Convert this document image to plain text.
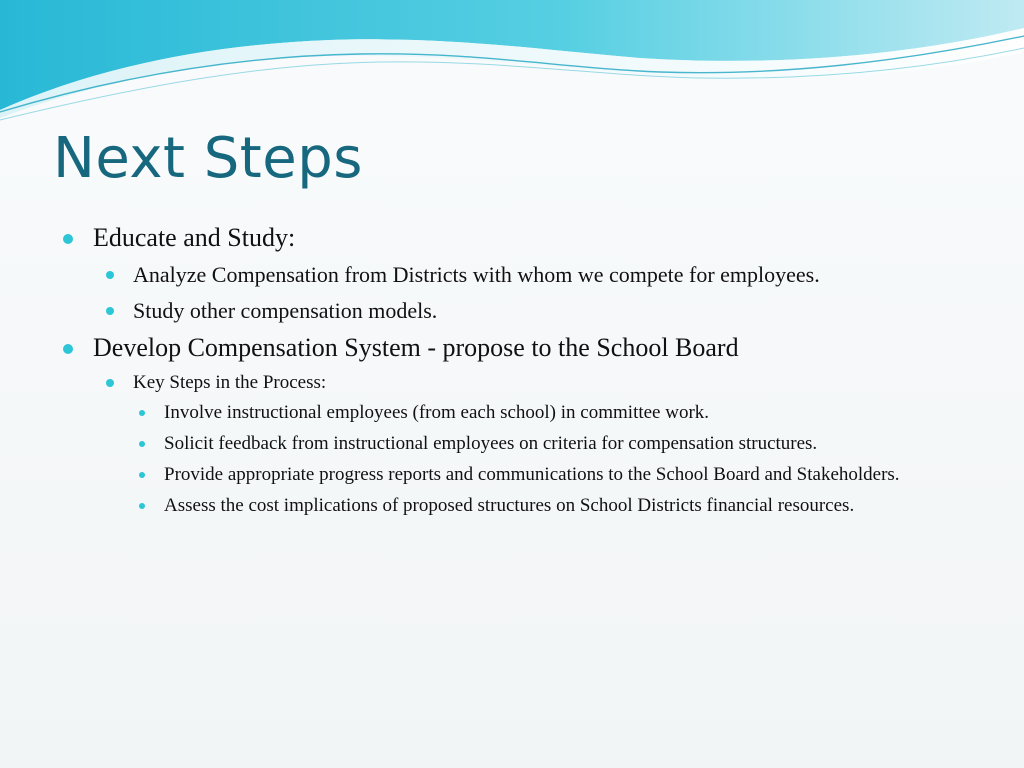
Next Steps
Educate and Study:
Analyze Compensation from Districts with whom we compete for employees.
Study other compensation models.
Develop Compensation System - propose to the School Board
Key Steps in the Process:
Involve instructional employees (from each school) in committee work.
Solicit feedback from instructional employees on criteria for compensation structures.
Provide appropriate progress reports and communications to the School Board and Stakeholders.
Assess the cost implications of proposed structures on School Districts financial resources.
